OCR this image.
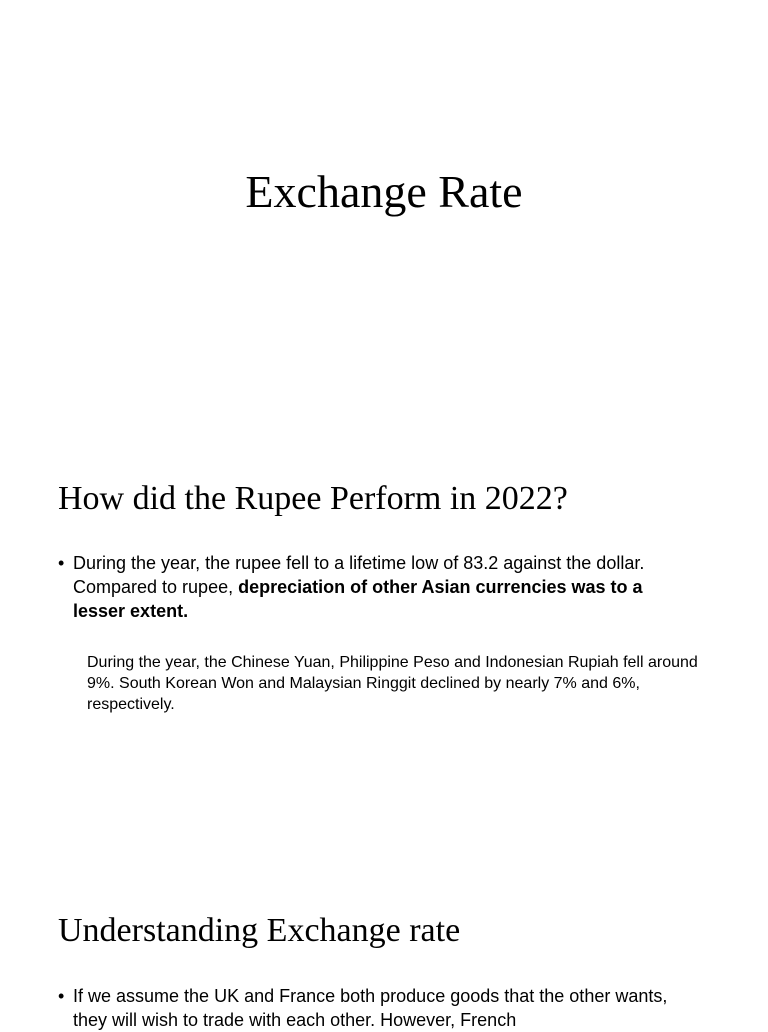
Exchange Rate
How did the Rupee Perform in 2022?
• During the year, the rupee fell to a lifetime low of 83.2 against the dollar. Compared to rupee, depreciation of other Asian currencies was to a lesser extent.
During the year, the Chinese Yuan, Philippine Peso and Indonesian Rupiah fell around 9%. South Korean Won and Malaysian Ringgit declined by nearly 7% and 6%, respectively.
Understanding Exchange rate
• If we assume the UK and France both produce goods that the other wants, they will wish to trade with each other. However, French
